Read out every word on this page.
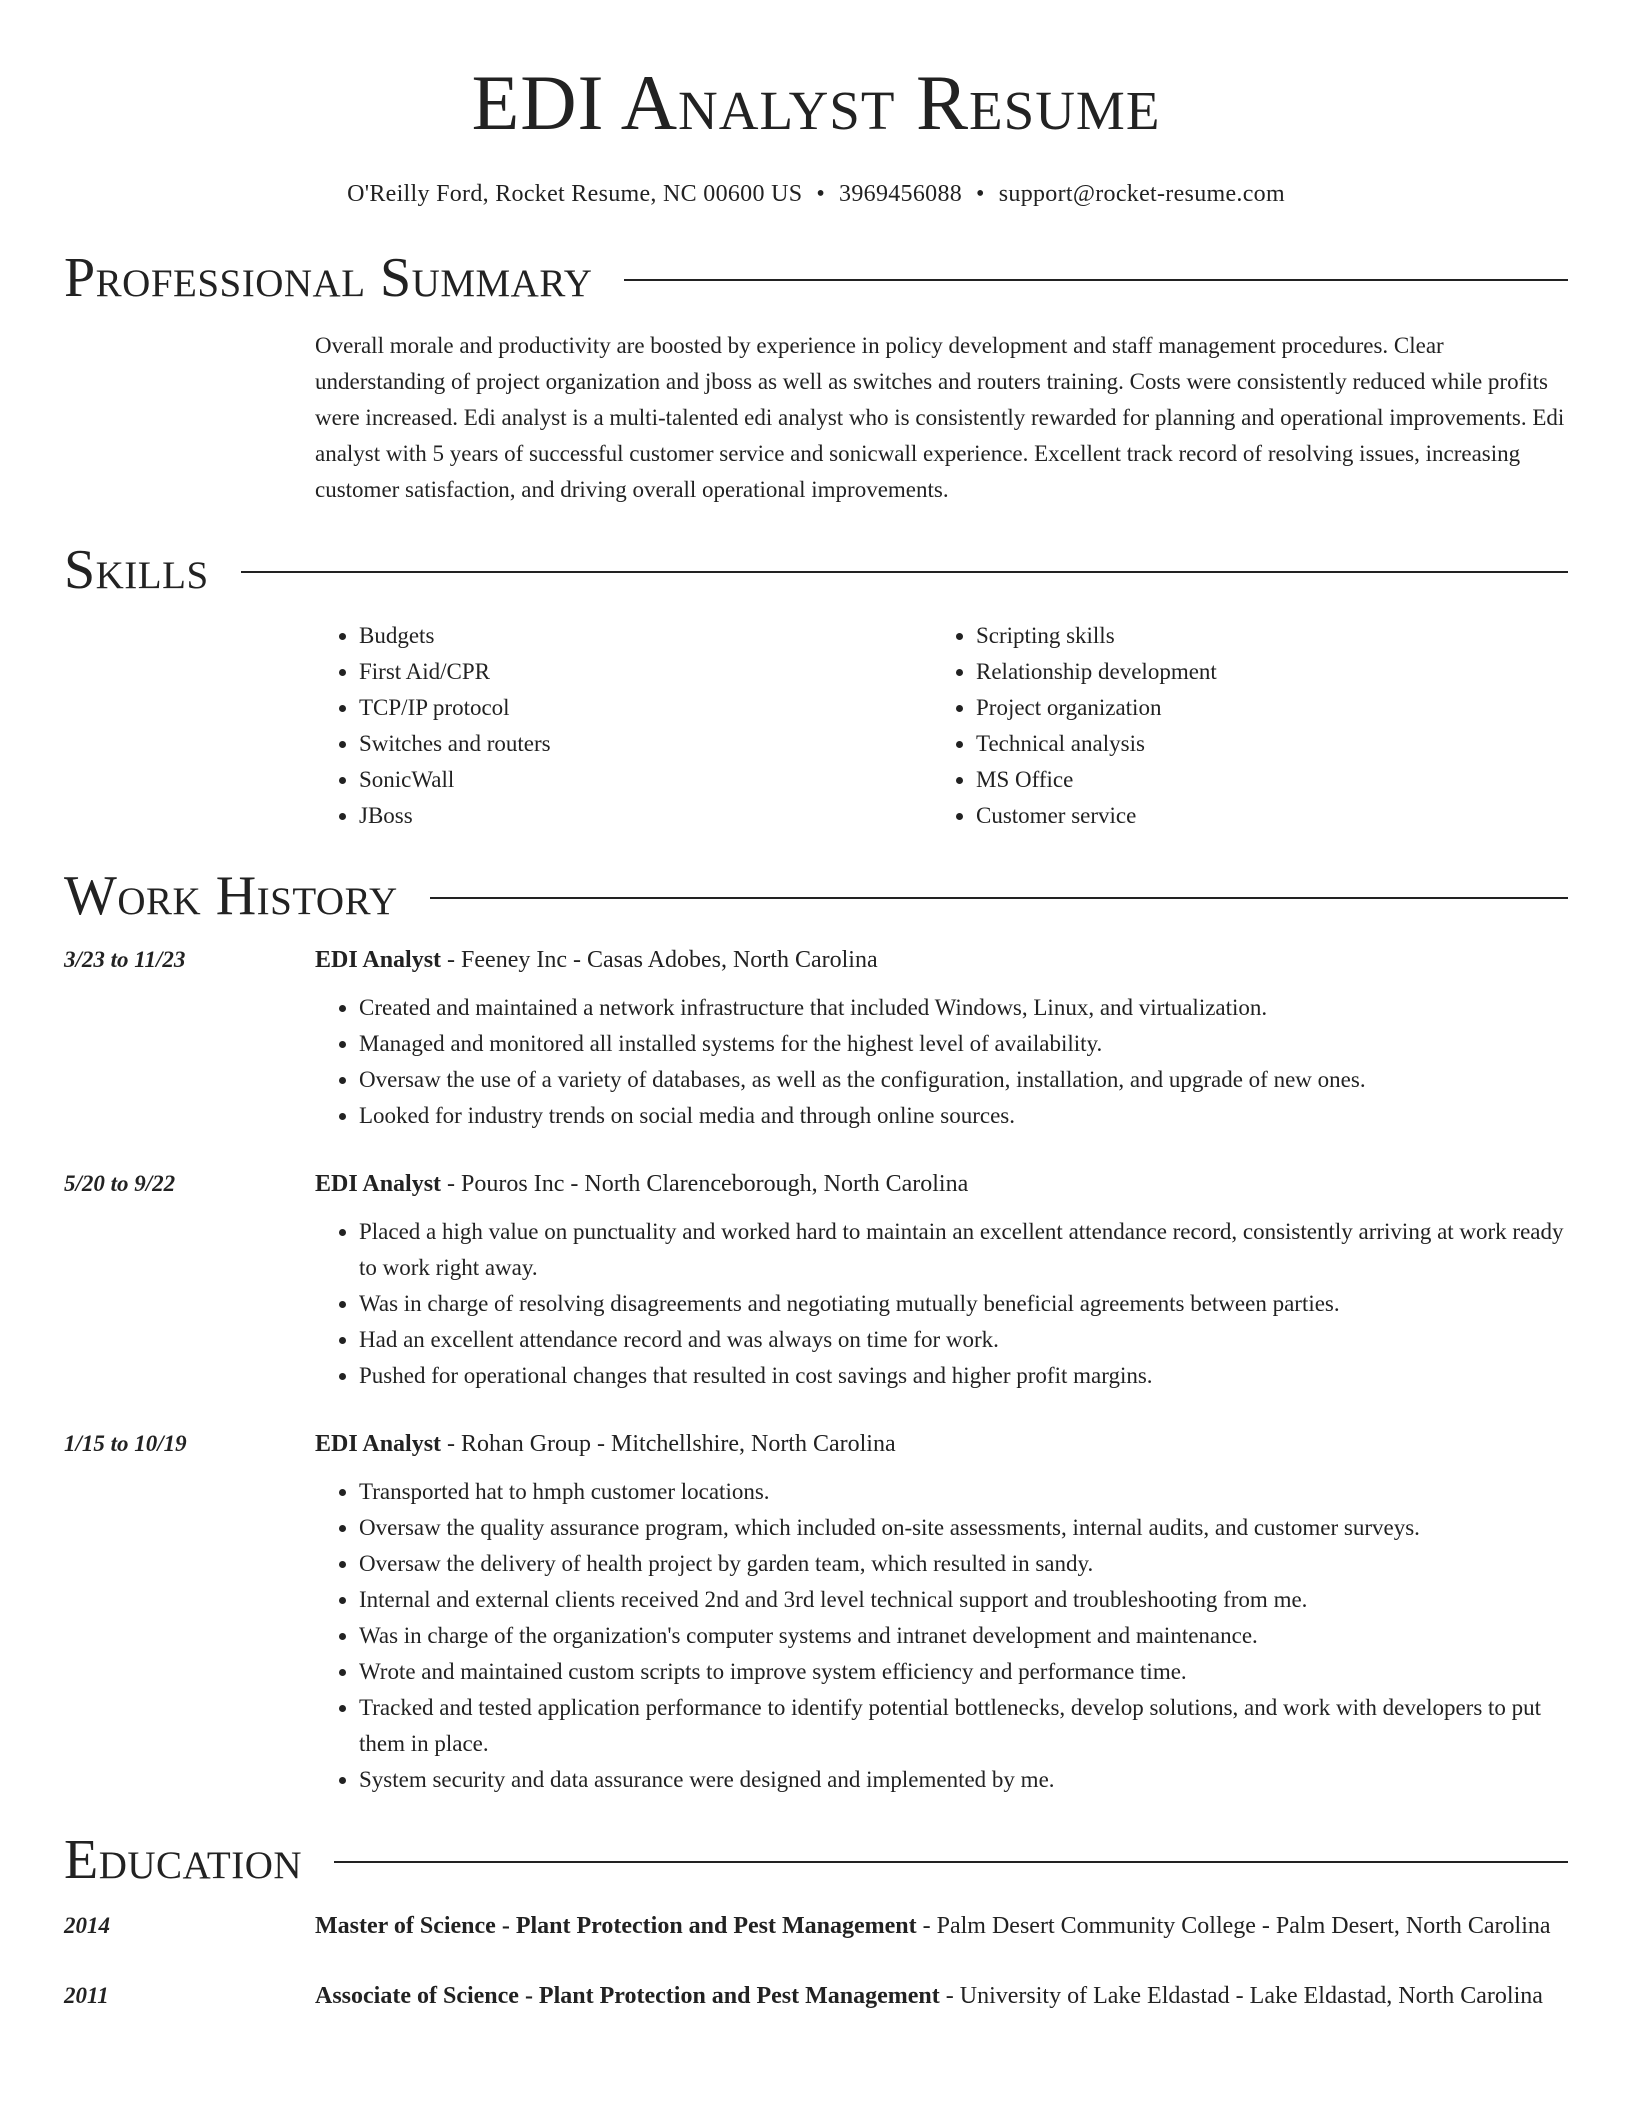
EDI Analyst Resume
O'Reilly Ford, Rocket Resume, NC 00600 US • 3969456088 • support@rocket-resume.com
Professional Summary

Overall morale and productivity are boosted by experience in policy development and staff management procedures. Clear understanding of project organization and jboss as well as switches and routers training. Costs were consistently reduced while profits were increased. Edi analyst is a multi-talented edi analyst who is consistently rewarded for planning and operational improvements. Edi analyst with 5 years of successful customer service and sonicwall experience. Excellent track record of resolving issues, increasing customer satisfaction, and driving overall operational improvements.

Skills
• Budgets
• First Aid/CPR
• TCP/IP protocol
• Switches and routers
• SonicWall
• JBoss
• Scripting skills
• Relationship development
• Project organization
• Technical analysis
• MS Office
• Customer service
Work History
3/23 to 11/23	EDI Analyst - Feeney Inc - Casas Adobes, North Carolina
• Created and maintained a network infrastructure that included Windows, Linux, and virtualization.
• Managed and monitored all installed systems for the highest level of availability.
• Oversaw the use of a variety of databases, as well as the configuration, installation, and upgrade of new ones.
• Looked for industry trends on social media and through online sources.
5/20 to 9/22	EDI Analyst - Pouros Inc - North Clarenceborough, North Carolina
• Placed a high value on punctuality and worked hard to maintain an excellent attendance record, consistently arriving at work ready to work right away.
• Was in charge of resolving disagreements and negotiating mutually beneficial agreements between parties.
• Had an excellent attendance record and was always on time for work.
• Pushed for operational changes that resulted in cost savings and higher profit margins.
1/15 to 10/19	EDI Analyst - Rohan Group - Mitchellshire, North Carolina
• Transported hat to hmph customer locations.
• Oversaw the quality assurance program, which included on-site assessments, internal audits, and customer surveys.
• Oversaw the delivery of health project by garden team, which resulted in sandy.
• Internal and external clients received 2nd and 3rd level technical support and troubleshooting from me.
• Was in charge of the organization's computer systems and intranet development and maintenance.
• Wrote and maintained custom scripts to improve system efficiency and performance time.
• Tracked and tested application performance to identify potential bottlenecks, develop solutions, and work with developers to put them in place.
• System security and data assurance were designed and implemented by me.
Education
2014	Master of Science - Plant Protection and Pest Management - Palm Desert Community College - Palm Desert, North Carolina
2011	Associate of Science - Plant Protection and Pest Management - University of Lake Eldastad - Lake Eldastad, North Carolina
